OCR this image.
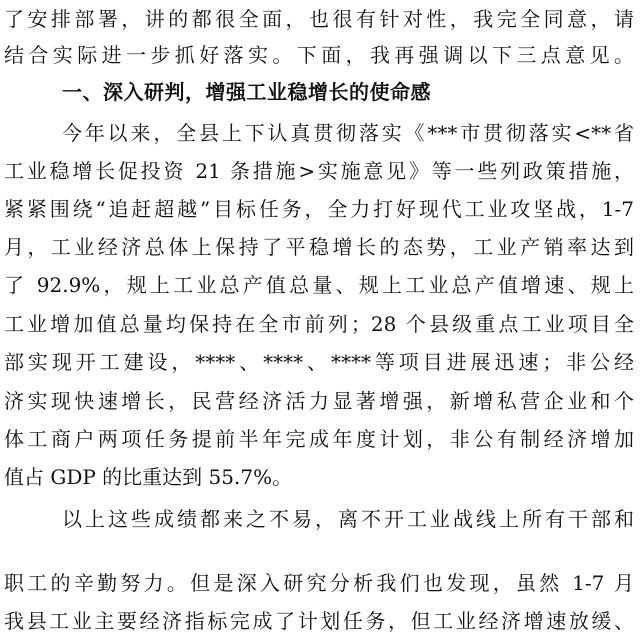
了安排部署，讲的都很全面，也很有针对性，我完全同意，请
结合实际进一步抓好落实。下面，我再强调以下三点意见。
一、深入研判，增强工业稳增长的使命感
今年以来，全县上下认真贯彻落实《***市贯彻落实<**省
工业稳增长促投资 21 条措施>实施意见》等一些列政策措施，
紧紧围绕“追赶超越”目标任务，全力打好现代工业攻坚战，1-7
月，工业经济总体上保持了平稳增长的态势，工业产销率达到
了 92.9%，规上工业总产值总量、规上工业总产值增速、规上
工业增加值总量均保持在全市前列；28 个县级重点工业项目全
部实现开工建设，****、****、****等项目进展迅速；非公经
济实现快速增长，民营经济活力显著增强，新增私营企业和个
体工商户两项任务提前半年完成年度计划，非公有制经济增加
值占 GDP 的比重达到 55.7%。
以上这些成绩都来之不易，离不开工业战线上所有干部和
职工的辛勤努力。但是深入研究分析我们也发现，虽然 1-7 月
我县工业主要经济指标完成了计划任务，但工业经济增速放缓、
